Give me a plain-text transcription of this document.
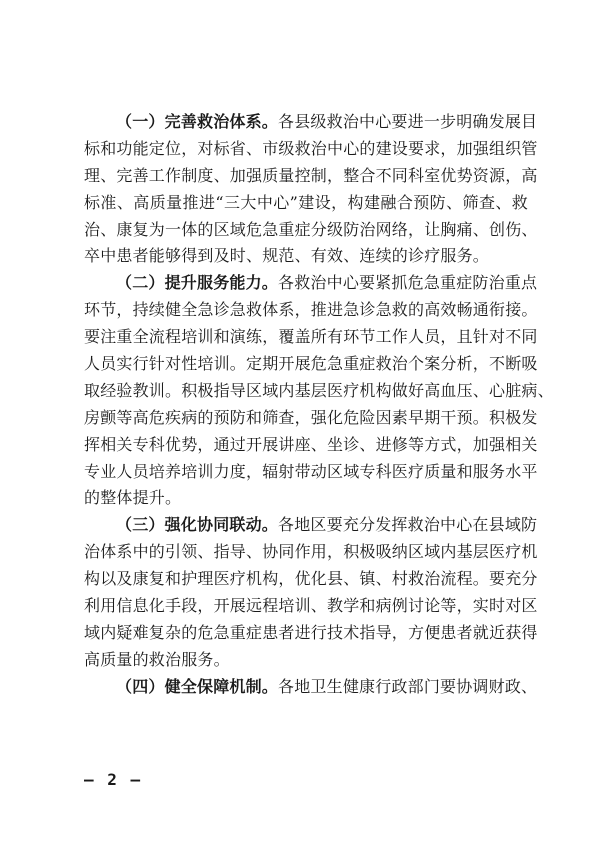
（一）完善救治体系。各县级救治中心要进一步明确发展目
标和功能定位，对标省、市级救治中心的建设要求，加强组织管
理、完善工作制度、加强质量控制，整合不同科室优势资源，高
标准、高质量推进“三大中心”建设，构建融合预防、筛查、救
治、康复为一体的区域危急重症分级防治网络，让胸痛、创伤、
卒中患者能够得到及时、规范、有效、连续的诊疗服务。
（二）提升服务能力。各救治中心要紧抓危急重症防治重点
环节，持续健全急诊急救体系，推进急诊急救的高效畅通衔接。
要注重全流程培训和演练，覆盖所有环节工作人员，且针对不同
人员实行针对性培训。定期开展危急重症救治个案分析，不断吸
取经验教训。积极指导区域内基层医疗机构做好高血压、心脏病、
房颤等高危疾病的预防和筛查，强化危险因素早期干预。积极发
挥相关专科优势，通过开展讲座、坐诊、进修等方式，加强相关
专业人员培养培训力度，辐射带动区域专科医疗质量和服务水平
的整体提升。
（三）强化协同联动。各地区要充分发挥救治中心在县域防
治体系中的引领、指导、协同作用，积极吸纳区域内基层医疗机
构以及康复和护理医疗机构，优化县、镇、村救治流程。要充分
利用信息化手段，开展远程培训、教学和病例讨论等，实时对区
域内疑难复杂的危急重症患者进行技术指导，方便患者就近获得
高质量的救治服务。
（四）健全保障机制。各地卫生健康行政部门要协调财政、
— 2 —
